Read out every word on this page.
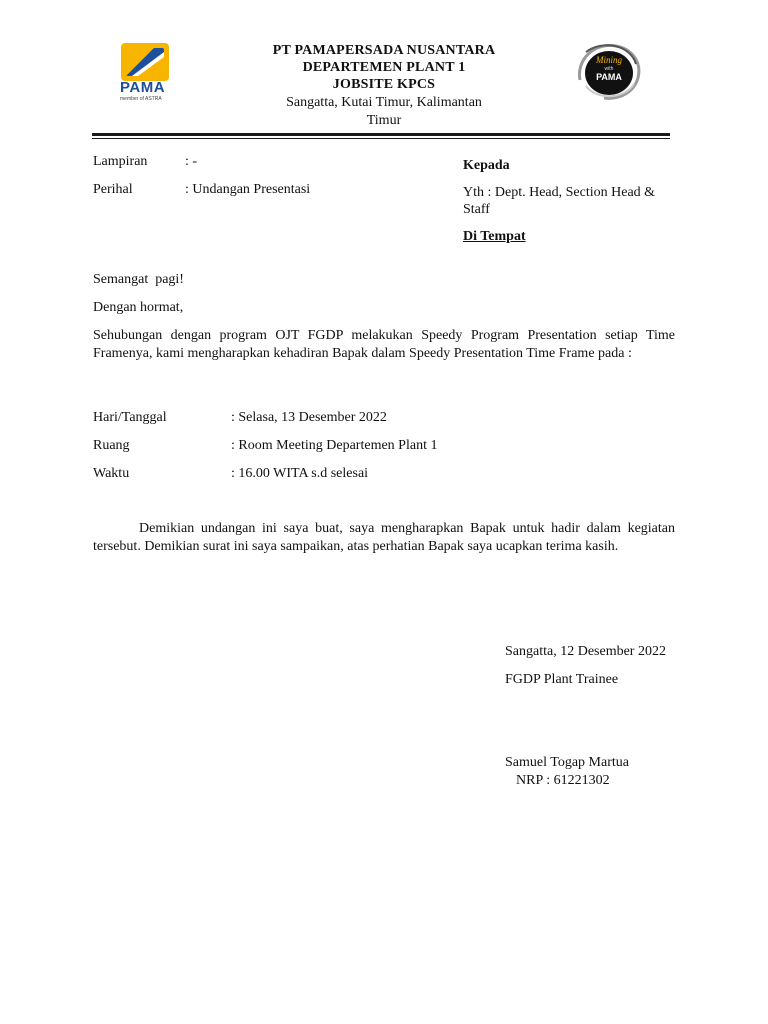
PAMA
member of ASTRA
PT PAMAPERSADA NUSANTARA
DEPARTEMEN PLANT 1
JOBSITE KPCS
Sangatta, Kutai Timur, Kalimantan
Timur
Mining
with
PAMA
Lampiran	: -
Perihal	: Undangan Presentasi
Kepada
Yth : Dept. Head, Section Head & Staff
Di Tempat
Semangat  pagi!
Dengan hormat,
Sehubungan dengan program OJT FGDP melakukan Speedy Program Presentation setiap Time Framenya, kami mengharapkan kehadiran Bapak dalam Speedy Presentation Time Frame pada :
Hari/Tanggal	: Selasa, 13 Desember 2022
Ruang	: Room Meeting Departemen Plant 1
Waktu	: 16.00 WITA s.d selesai
Demikian undangan ini saya buat, saya mengharapkan Bapak untuk hadir dalam kegiatan tersebut. Demikian surat ini saya sampaikan, atas perhatian Bapak saya ucapkan terima kasih.
Sangatta, 12 Desember 2022
FGDP Plant Trainee
Samuel Togap Martua
NRP : 61221302
